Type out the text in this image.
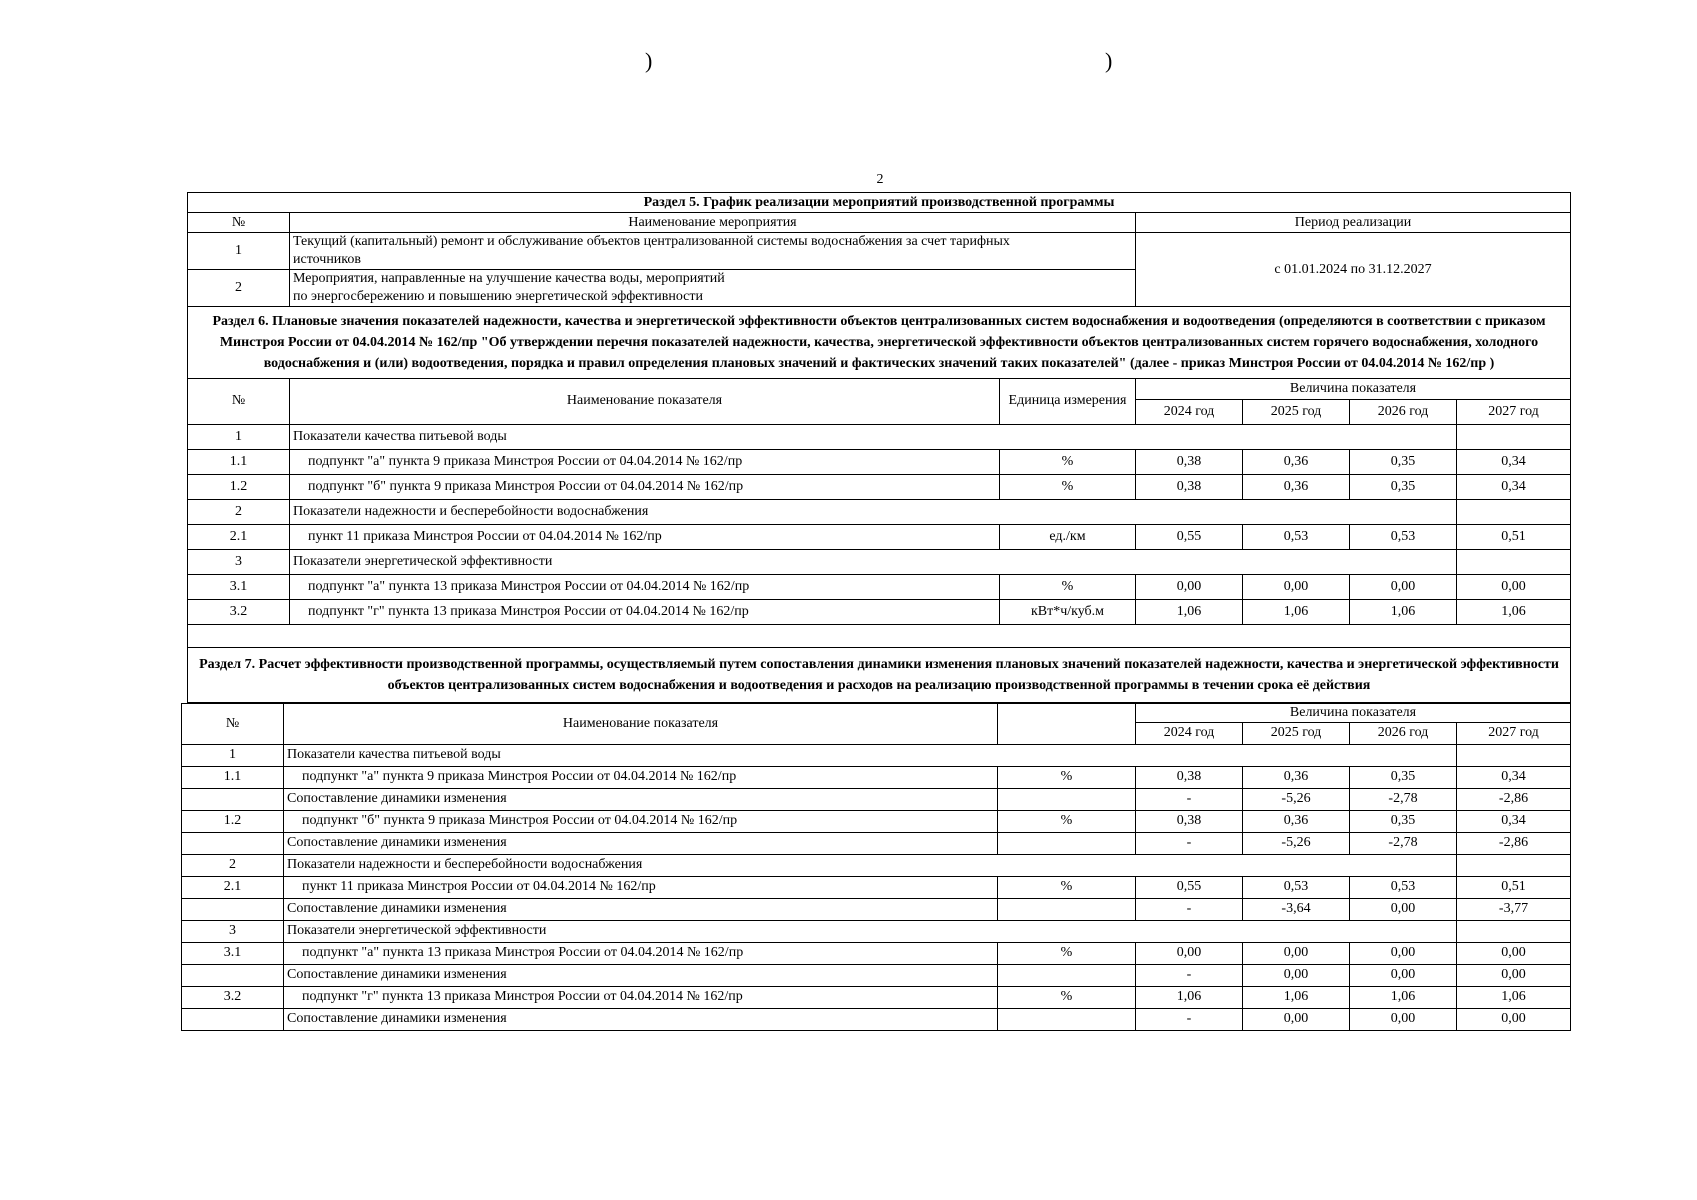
)	)
2
Раздел 5. График реализации мероприятий производственной программы		
№	Наименование мероприятия	Период реализации
1	Текущий (капитальный) ремонт и обслуживание объектов централизованной системы водоснабжения за счет тарифных
источников	с 01.01.2024 по 31.12.2027
2	Мероприятия, направленные на улучшение качества воды, мероприятий
по энергосбережению и повышению энергетической эффективности	
Раздел 6. Плановые значения показателей надежности, качества и энергетической эффективности объектов централизованных систем водоснабжения и водоотведения (определяются в соответствии с приказом Минстроя России от 04.04.2014 № 162/пр "Об утверждении перечня показателей надежности, качества, энергетической эффективности объектов централизованных систем горячего водоснабжения, холодного водоснабжения и (или) водоотведения, порядка и правил определения плановых значений и фактических значений таких показателей" (далее - приказ Минстроя России от 04.04.2014 № 162/пр )		
№	Наименование показателя	Единица измерения	Величина показателя			
			2024 год	2025 год	2026 год	2027 год
1	Показатели качества питьевой воды					
1.1	подпункт "а" пункта 9 приказа Минстроя России от 04.04.2014 № 162/пр	%	0,38	0,36	0,35	0,34
1.2	подпункт "б" пункта 9 приказа Минстроя России от 04.04.2014 № 162/пр	%	0,38	0,36	0,35	0,34
2	Показатели надежности и бесперебойности водоснабжения					
2.1	пункт 11 приказа Минстроя России от 04.04.2014 № 162/пр	ед./км	0,55	0,53	0,53	0,51
3	Показатели энергетической эффективности					
3.1	подпункт "а" пункта 13 приказа Минстроя России от 04.04.2014 № 162/пр	%	0,00	0,00	0,00	0,00
3.2	подпункт "г" пункта 13 приказа Минстроя России от 04.04.2014 № 162/пр	кВт*ч/куб.м	1,06	1,06	1,06	1,06

Раздел 7. Расчет эффективности производственной программы, осуществляемый путем сопоставления динамики изменения плановых значений показателей надежности, качества и энергетической эффективности объектов централизованных систем водоснабжения и водоотведения и расходов на реализацию производственной программы в течении срока её действия						
№	Наименование показателя		Величина показателя			
			2024 год	2025 год	2026 год	2027 год
1	Показатели качества питьевой воды					
1.1	подпункт "а" пункта 9 приказа Минстроя России от 04.04.2014 № 162/пр	%	0,38	0,36	0,35	0,34
	Сопоставление динамики изменения		-	-5,26	-2,78	-2,86
1.2	подпункт "б" пункта 9 приказа Минстроя России от 04.04.2014 № 162/пр	%	0,38	0,36	0,35	0,34
	Сопоставление динамики изменения		-	-5,26	-2,78	-2,86
2	Показатели надежности и бесперебойности водоснабжения					
2.1	пункт 11 приказа Минстроя России от 04.04.2014 № 162/пр	%	0,55	0,53	0,53	0,51
	Сопоставление динамики изменения		-	-3,64	0,00	-3,77
3	Показатели энергетической эффективности					
3.1	подпункт "а" пункта 13 приказа Минстроя России от 04.04.2014 № 162/пр	%	0,00	0,00	0,00	0,00
	Сопоставление динамики изменения		-	0,00	0,00	0,00
3.2	подпункт "г" пункта 13 приказа Минстроя России от 04.04.2014 № 162/пр	%	1,06	1,06	1,06	1,06
	Сопоставление динамики изменения		-	0,00	0,00	0,00
